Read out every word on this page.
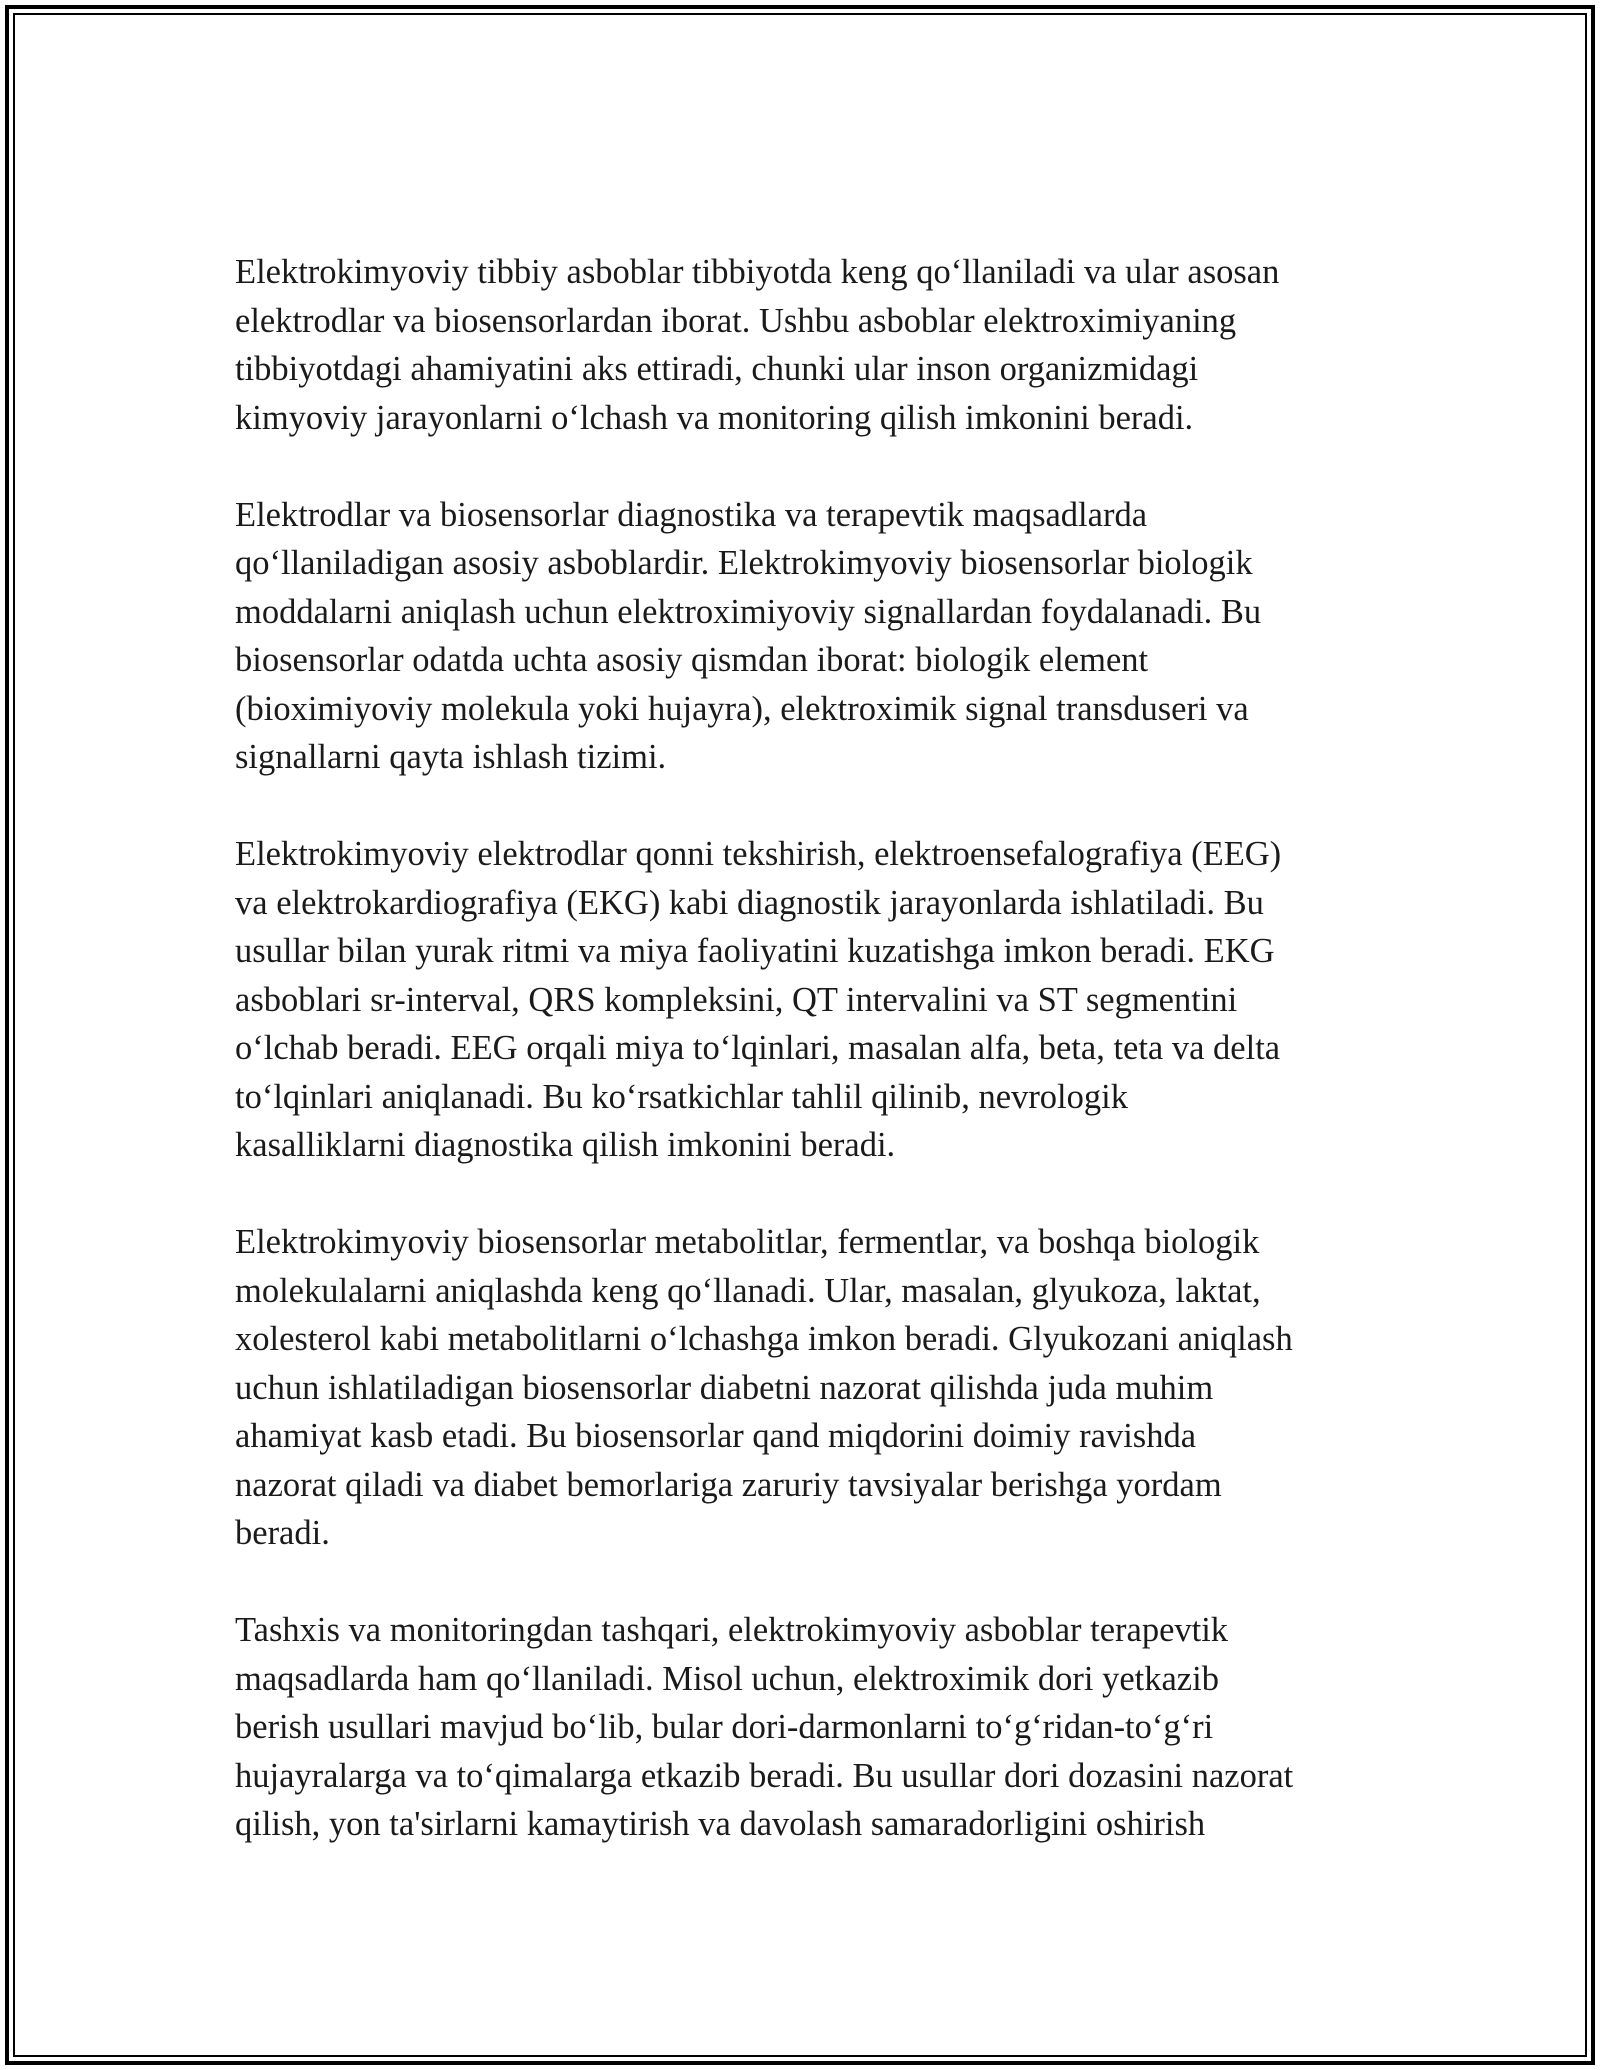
Elektrokimyoviy tibbiy asboblar tibbiyotda keng qo‘llaniladi va ular asosan
elektrodlar va biosensorlardan iborat. Ushbu asboblar elektroximiyaning
tibbiyotdagi ahamiyatini aks ettiradi, chunki ular inson organizmidagi
kimyoviy jarayonlarni o‘lchash va monitoring qilish imkonini beradi.

Elektrodlar va biosensorlar diagnostika va terapevtik maqsadlarda
qo‘llaniladigan asosiy asboblardir. Elektrokimyoviy biosensorlar biologik
moddalarni aniqlash uchun elektroximiyoviy signallardan foydalanadi. Bu
biosensorlar odatda uchta asosiy qismdan iborat: biologik element
(bioximiyoviy molekula yoki hujayra), elektroximik signal transduseri va
signallarni qayta ishlash tizimi.

Elektrokimyoviy elektrodlar qonni tekshirish, elektroensefalografiya (EEG)
va elektrokardiografiya (EKG) kabi diagnostik jarayonlarda ishlatiladi. Bu
usullar bilan yurak ritmi va miya faoliyatini kuzatishga imkon beradi. EKG
asboblari sr-interval, QRS kompleksini, QT intervalini va ST segmentini
o‘lchab beradi. EEG orqali miya to‘lqinlari, masalan alfa, beta, teta va delta
to‘lqinlari aniqlanadi. Bu ko‘rsatkichlar tahlil qilinib, nevrologik
kasalliklarni diagnostika qilish imkonini beradi.

Elektrokimyoviy biosensorlar metabolitlar, fermentlar, va boshqa biologik
molekulalarni aniqlashda keng qo‘llanadi. Ular, masalan, glyukoza, laktat,
xolesterol kabi metabolitlarni o‘lchashga imkon beradi. Glyukozani aniqlash
uchun ishlatiladigan biosensorlar diabetni nazorat qilishda juda muhim
ahamiyat kasb etadi. Bu biosensorlar qand miqdorini doimiy ravishda
nazorat qiladi va diabet bemorlariga zaruriy tavsiyalar berishga yordam
beradi.

Tashxis va monitoringdan tashqari, elektrokimyoviy asboblar terapevtik
maqsadlarda ham qo‘llaniladi. Misol uchun, elektroximik dori yetkazib
berish usullari mavjud bo‘lib, bular dori-darmonlarni to‘g‘ridan-to‘g‘ri
hujayralarga va to‘qimalarga etkazib beradi. Bu usullar dori dozasini nazorat
qilish, yon ta'sirlarni kamaytirish va davolash samaradorligini oshirish
